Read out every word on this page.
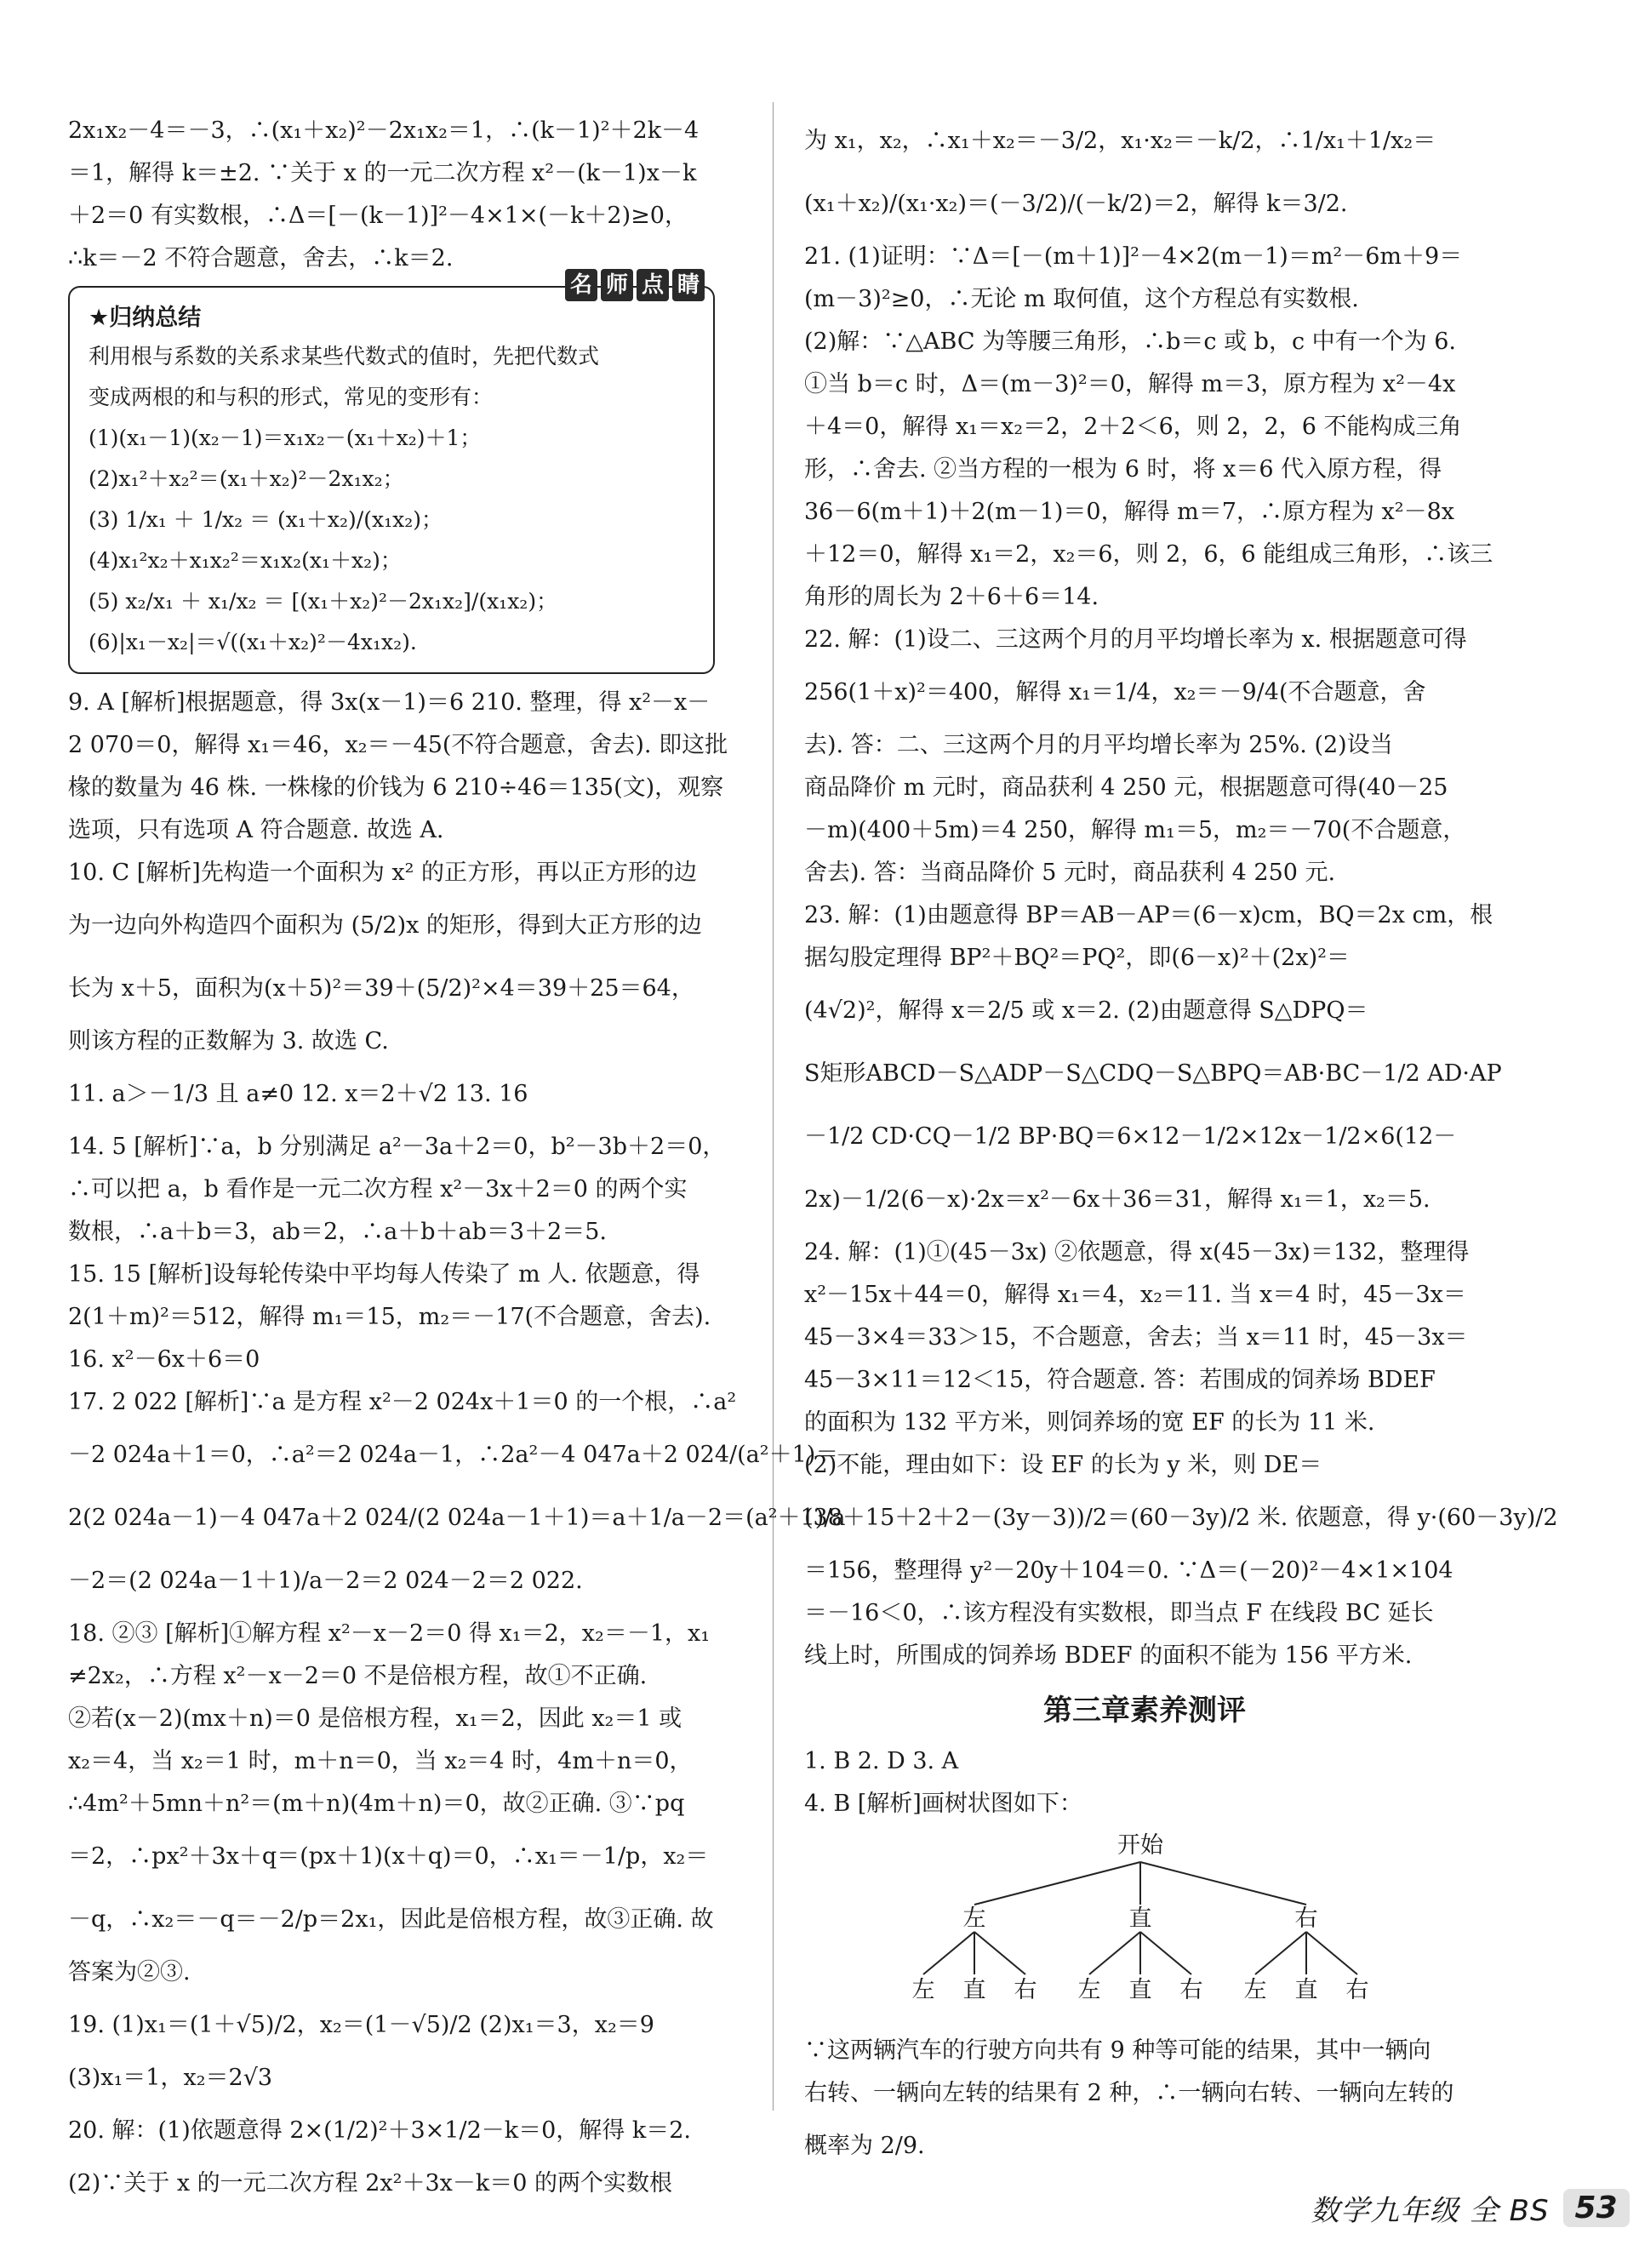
2x₁x₂－4＝－3，∴(x₁＋x₂)²－2x₁x₂＝1，∴(k－1)²＋2k－4
＝1，解得 k＝±2. ∵关于 x 的一元二次方程 x²－(k－1)x－k
＋2＝0 有实数根，∴Δ＝[－(k－1)]²－4×1×(－k＋2)≥0，
∴k＝－2 不符合题意，舍去，∴k＝2.
名 师 点 睛
★归纳总结
利用根与系数的关系求某些代数式的值时，先把代数式
变成两根的和与积的形式，常见的变形有：
(1)(x₁－1)(x₂－1)＝x₁x₂－(x₁＋x₂)＋1；
(2)x₁²＋x₂²＝(x₁＋x₂)²－2x₁x₂；
(3) 1/x₁ ＋ 1/x₂ ＝ (x₁＋x₂)/(x₁x₂)；
(4)x₁²x₂＋x₁x₂²＝x₁x₂(x₁＋x₂)；
(5) x₂/x₁ ＋ x₁/x₂ ＝ [(x₁＋x₂)²－2x₁x₂]/(x₁x₂)；
(6)|x₁－x₂|＝√((x₁＋x₂)²－4x₁x₂).
9. A [解析]根据题意，得 3x(x－1)＝6 210. 整理，得 x²－x－
2 070＝0，解得 x₁＝46，x₂＝－45(不符合题意，舍去). 即这批
椽的数量为 46 株. 一株椽的价钱为 6 210÷46＝135(文)，观察
选项，只有选项 A 符合题意. 故选 A.
10. C [解析]先构造一个面积为 x² 的正方形，再以正方形的边
为一边向外构造四个面积为 (5/2)x 的矩形，得到大正方形的边
长为 x＋5，面积为(x＋5)²＝39＋(5/2)²×4＝39＋25＝64，
则该方程的正数解为 3. 故选 C.
11. a＞－1/3 且 a≠0 12. x＝2＋√2 13. 16
14. 5 [解析]∵a，b 分别满足 a²－3a＋2＝0，b²－3b＋2＝0，
∴可以把 a，b 看作是一元二次方程 x²－3x＋2＝0 的两个实
数根，∴a＋b＝3，ab＝2，∴a＋b＋ab＝3＋2＝5.
15. 15 [解析]设每轮传染中平均每人传染了 m 人. 依题意，得
2(1＋m)²＝512，解得 m₁＝15，m₂＝－17(不合题意，舍去).
16. x²－6x＋6＝0
17. 2 022 [解析]∵a 是方程 x²－2 024x＋1＝0 的一个根，∴a²
－2 024a＋1＝0，∴a²＝2 024a－1，∴2a²－4 047a＋2 024/(a²＋1)＝
2(2 024a－1)－4 047a＋2 024/(2 024a－1＋1)＝a＋1/a－2＝(a²＋1)/a
－2＝(2 024a－1＋1)/a－2＝2 024－2＝2 022.
18. ②③ [解析]①解方程 x²－x－2＝0 得 x₁＝2，x₂＝－1，x₁
≠2x₂，∴方程 x²－x－2＝0 不是倍根方程，故①不正确.
②若(x－2)(mx＋n)＝0 是倍根方程，x₁＝2，因此 x₂＝1 或
x₂＝4，当 x₂＝1 时，m＋n＝0，当 x₂＝4 时，4m＋n＝0，
∴4m²＋5mn＋n²＝(m＋n)(4m＋n)＝0，故②正确. ③∵pq
＝2，∴px²＋3x＋q＝(px＋1)(x＋q)＝0，∴x₁＝－1/p，x₂＝
－q，∴x₂＝－q＝－2/p＝2x₁，因此是倍根方程，故③正确. 故
答案为②③.
19. (1)x₁＝(1＋√5)/2，x₂＝(1－√5)/2 (2)x₁＝3，x₂＝9
(3)x₁＝1，x₂＝2√3
20. 解：(1)依题意得 2×(1/2)²＋3×1/2－k＝0，解得 k＝2.
(2)∵关于 x 的一元二次方程 2x²＋3x－k＝0 的两个实数根
为 x₁，x₂，∴x₁＋x₂＝－3/2，x₁·x₂＝－k/2，∴1/x₁＋1/x₂＝
(x₁＋x₂)/(x₁·x₂)＝(－3/2)/(－k/2)＝2，解得 k＝3/2.
21. (1)证明：∵Δ＝[－(m＋1)]²－4×2(m－1)＝m²－6m＋9＝
(m－3)²≥0，∴无论 m 取何值，这个方程总有实数根.
(2)解：∵△ABC 为等腰三角形，∴b＝c 或 b，c 中有一个为 6.
①当 b＝c 时，Δ＝(m－3)²＝0，解得 m＝3，原方程为 x²－4x
＋4＝0，解得 x₁＝x₂＝2，2＋2＜6，则 2，2，6 不能构成三角
形，∴舍去. ②当方程的一根为 6 时，将 x＝6 代入原方程，得
36－6(m＋1)＋2(m－1)＝0，解得 m＝7，∴原方程为 x²－8x
＋12＝0，解得 x₁＝2，x₂＝6，则 2，6，6 能组成三角形，∴该三
角形的周长为 2＋6＋6＝14.
22. 解：(1)设二、三这两个月的月平均增长率为 x. 根据题意可得
256(1＋x)²＝400，解得 x₁＝1/4，x₂＝－9/4(不合题意，舍
去). 答：二、三这两个月的月平均增长率为 25%. (2)设当
商品降价 m 元时，商品获利 4 250 元，根据题意可得(40－25
－m)(400＋5m)＝4 250，解得 m₁＝5，m₂＝－70(不合题意，
舍去). 答：当商品降价 5 元时，商品获利 4 250 元.
23. 解：(1)由题意得 BP＝AB－AP＝(6－x)cm，BQ＝2x cm，根
据勾股定理得 BP²＋BQ²＝PQ²，即(6－x)²＋(2x)²＝
(4√2)²，解得 x＝2/5 或 x＝2. (2)由题意得 S△DPQ＝
S矩形ABCD－S△ADP－S△CDQ－S△BPQ＝AB·BC－1/2 AD·AP
－1/2 CD·CQ－1/2 BP·BQ＝6×12－1/2×12x－1/2×6(12－
2x)－1/2(6－x)·2x＝x²－6x＋36＝31，解得 x₁＝1，x₂＝5.
24. 解：(1)①(45－3x) ②依题意，得 x(45－3x)＝132，整理得
x²－15x＋44＝0，解得 x₁＝4，x₂＝11. 当 x＝4 时，45－3x＝
45－3×4＝33＞15，不合题意，舍去；当 x＝11 时，45－3x＝
45－3×11＝12＜15，符合题意. 答：若围成的饲养场 BDEF
的面积为 132 平方米，则饲养场的宽 EF 的长为 11 米.
(2)不能，理由如下：设 EF 的长为 y 米，则 DE＝
(38＋15＋2＋2－(3y－3))/2＝(60－3y)/2 米. 依题意，得 y·(60－3y)/2
＝156，整理得 y²－20y＋104＝0. ∵Δ＝(－20)²－4×1×104
＝－16＜0，∴该方程没有实数根，即当点 F 在线段 BC 延长
线上时，所围成的饲养场 BDEF 的面积不能为 156 平方米.
第三章素养测评
1. B 2. D 3. A
4. B [解析]画树状图如下：
开始
左	直	右
左 直 右 左 直 右 左 直 右
∵这两辆汽车的行驶方向共有 9 种等可能的结果，其中一辆向
右转、一辆向左转的结果有 2 种，∴一辆向右转、一辆向左转的
概率为 2/9.
数学九年级 全 BS 53
